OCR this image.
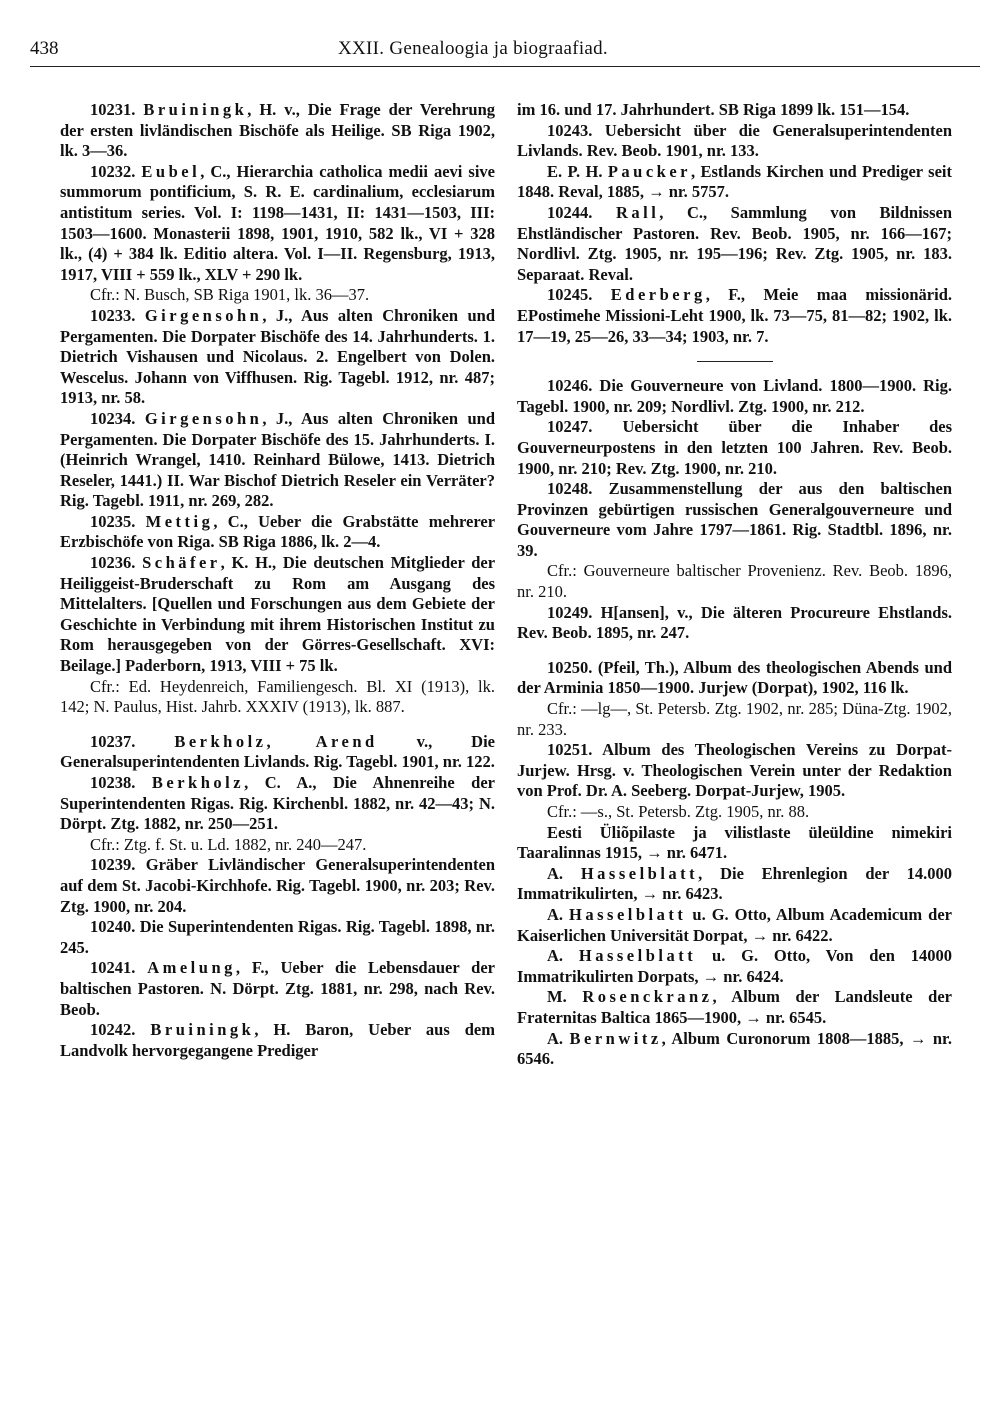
438	XXII. Genealoogia ja biograafiad.

10231. Bruiningk, H. v., Die Frage der Verehrung der ersten livländischen Bischöfe als Heilige. SB Riga 1902, lk. 3—36.

10232. Eubel, C., Hierarchia catholica medii aevi sive summorum pontificium, S. R. E. cardinalium, ecclesiarum antistitum series. Vol. I: 1198—1431, II: 1431—1503, III: 1503—1600. Monasterii 1898, 1901, 1910, 582 lk., VI + 328 lk., (4) + 384 lk. Editio altera. Vol. I—II. Regensburg, 1913, 1917, VIII + 559 lk., XLV + 290 lk.

Cfr.: N. Busch, SB Riga 1901, lk. 36—37.

10233. Girgensohn, J., Aus alten Chroniken und Pergamenten. Die Dorpater Bischöfe des 14. Jahrhunderts. 1. Dietrich Vishausen und Nicolaus. 2. Engelbert von Dolen. Wescelus. Johann von Viffhusen. Rig. Tagebl. 1912, nr. 487; 1913, nr. 58.

10234. Girgensohn, J., Aus alten Chroniken und Pergamenten. Die Dorpater Bischöfe des 15. Jahrhunderts. I. (Heinrich Wrangel, 1410. Reinhard Bülowe, 1413. Dietrich Reseler, 1441.) II. War Bischof Dietrich Reseler ein Verräter? Rig. Tagebl. 1911, nr. 269, 282.

10235. Mettig, C., Ueber die Grabstätte mehrerer Erzbischöfe von Riga. SB Riga 1886, lk. 2—4.

10236. Schäfer, K. H., Die deutschen Mitglieder der Heiliggeist-Bruderschaft zu Rom am Ausgang des Mittelalters. [Quellen und Forschungen aus dem Gebiete der Geschichte in Verbindung mit ihrem Historischen Institut zu Rom herausgegeben von der Görres-Gesellschaft. XVI: Beilage.] Paderborn, 1913, VIII + 75 lk.

Cfr.: Ed. Heydenreich, Familiengesch. Bl. XI (1913), lk. 142; N. Paulus, Hist. Jahrb. XXXIV (1913), lk. 887.

10237. Berkholz, Arend v., Die Generalsuperintendenten Livlands. Rig. Tagebl. 1901, nr. 122.

10238. Berkholz, C. A., Die Ahnenreihe der Superintendenten Rigas. Rig. Kirchenbl. 1882, nr. 42—43; N. Dörpt. Ztg. 1882, nr. 250—251.

Cfr.: Ztg. f. St. u. Ld. 1882, nr. 240—247.

10239. Gräber Livländischer Generalsuperintendenten auf dem St. Jacobi-Kirchhofe. Rig. Tagebl. 1900, nr. 203; Rev. Ztg. 1900, nr. 204.

10240. Die Superintendenten Rigas. Rig. Tagebl. 1898, nr. 245.

10241. Amelung, F., Ueber die Lebensdauer der baltischen Pastoren. N. Dörpt. Ztg. 1881, nr. 298, nach Rev. Beob.

10242. Bruiningk, H. Baron, Ueber aus dem Landvolk hervorgegangene Prediger

im 16. und 17. Jahrhundert. SB Riga 1899 lk. 151—154.

10243. Uebersicht über die Generalsuperintendenten Livlands. Rev. Beob. 1901, nr. 133.

E. P. H. Paucker, Estlands Kirchen und Prediger seit 1848. Reval, 1885, → nr. 5757.

10244. Rall, C., Sammlung von Bildnissen Ehstländischer Pastoren. Rev. Beob. 1905, nr. 166—167; Nordlivl. Ztg. 1905, nr. 195—196; Rev. Ztg. 1905, nr. 183. Separaat. Reval.

10245. Ederberg, F., Meie maa missionärid. EPostimehe Missioni-Leht 1900, lk. 73—75, 81—82; 1902, lk. 17—19, 25—26, 33—34; 1903, nr. 7.

10246. Die Gouverneure von Livland. 1800—1900. Rig. Tagebl. 1900, nr. 209; Nordlivl. Ztg. 1900, nr. 212.

10247. Uebersicht über die Inhaber des Gouverneurpostens in den letzten 100 Jahren. Rev. Beob. 1900, nr. 210; Rev. Ztg. 1900, nr. 210.

10248. Zusammenstellung der aus den baltischen Provinzen gebürtigen russischen Generalgouverneure und Gouverneure vom Jahre 1797—1861. Rig. Stadtbl. 1896, nr. 39.

Cfr.: Gouverneure baltischer Provenienz. Rev. Beob. 1896, nr. 210.

10249. H[ansen], v., Die älteren Procureure Ehstlands. Rev. Beob. 1895, nr. 247.

10250. (Pfeil, Th.), Album des theologischen Abends und der Arminia 1850—1900. Jurjew (Dorpat), 1902, 116 lk.

Cfr.: —lg—, St. Petersb. Ztg. 1902, nr. 285; Düna-Ztg. 1902, nr. 233.

10251. Album des Theologischen Vereins zu Dorpat-Jurjew. Hrsg. v. Theologischen Verein unter der Redaktion von Prof. Dr. A. Seeberg. Dorpat-Jurjew, 1905.

Cfr.: —s., St. Petersb. Ztg. 1905, nr. 88.

Eesti Üliõpilaste ja vilistlaste üleüldine nimekiri Taaralinnas 1915, → nr. 6471.

A. Hasselblatt, Die Ehrenlegion der 14.000 Immatrikulirten, → nr. 6423.

A. Hasselblatt u. G. Otto, Album Academicum der Kaiserlichen Universität Dorpat, → nr. 6422.

A. Hasselblatt u. G. Otto, Von den 14000 Immatrikulirten Dorpats, → nr. 6424.

M. Rosenckranz, Album der Landsleute der Fraternitas Baltica 1865—1900, → nr. 6545.

A. Bernwitz, Album Curonorum 1808—1885, → nr. 6546.
